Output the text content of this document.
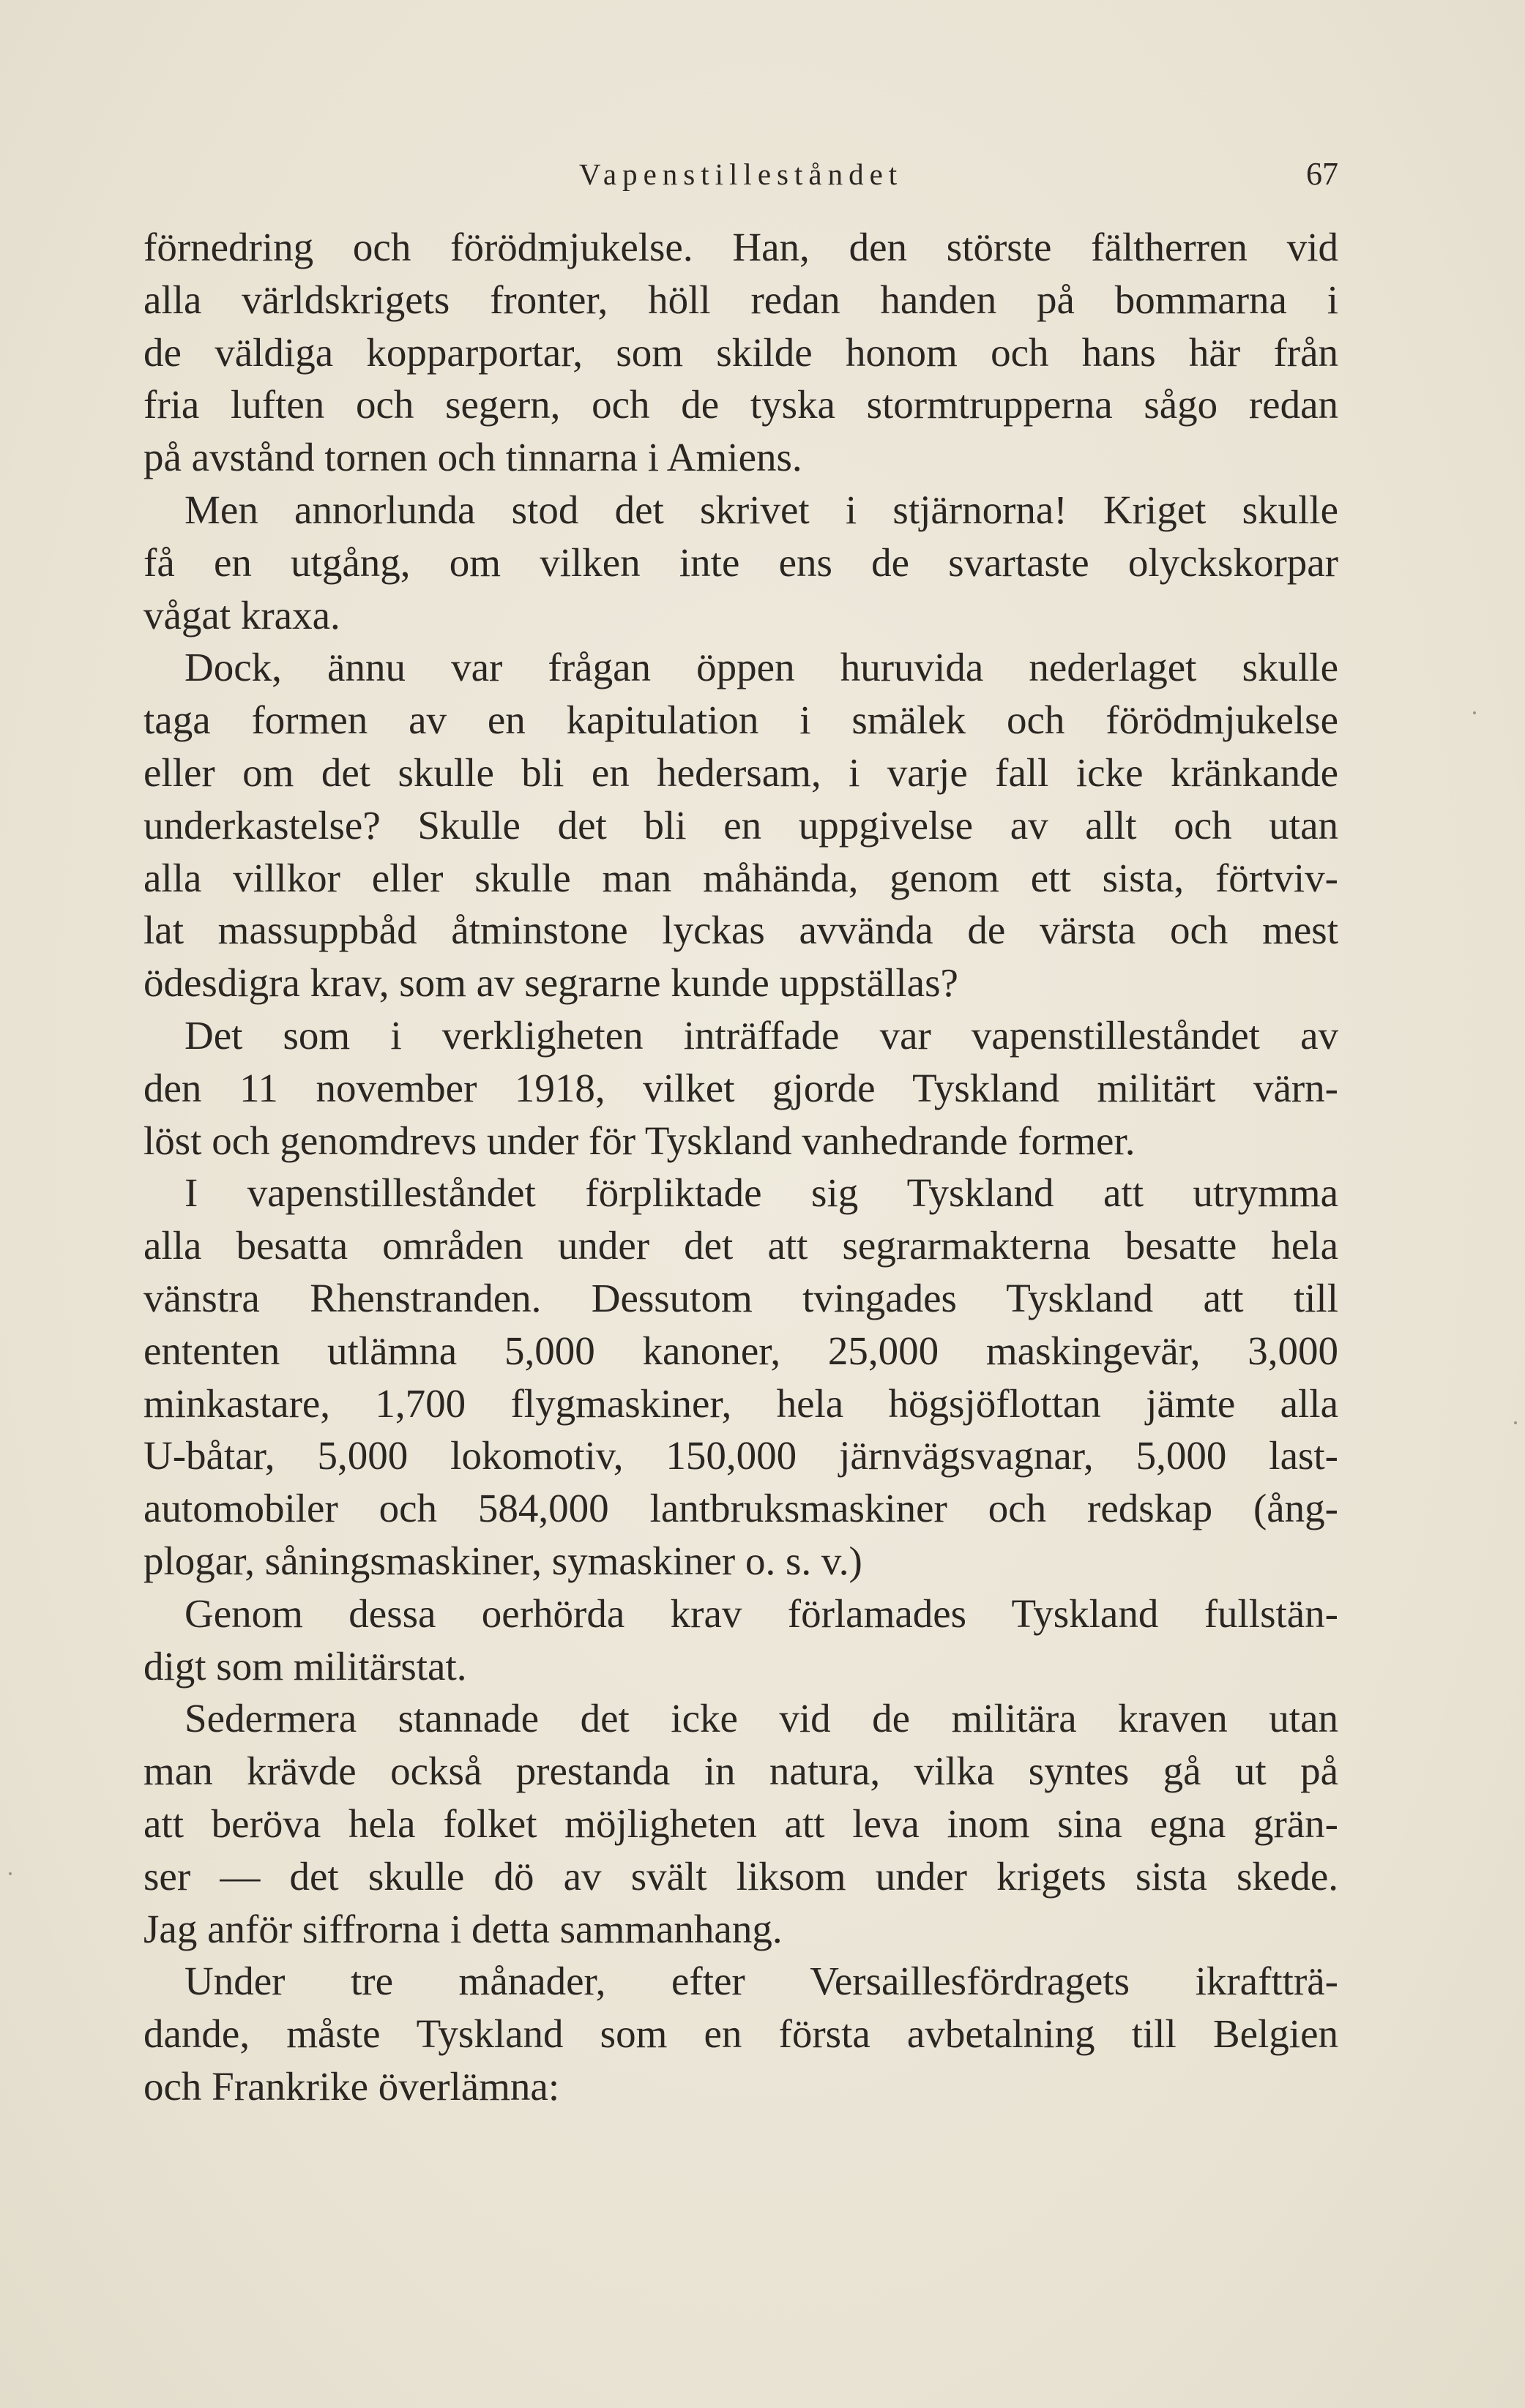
Vapenstilleståndet	67
förnedring och förödmjukelse. Han, den störste fältherren vid
alla världskrigets fronter, höll redan handen på bommarna i
de väldiga kopparportar, som skilde honom och hans här från
fria luften och segern, och de tyska stormtrupperna sågo redan
på avstånd tornen och tinnarna i Amiens.
Men annorlunda stod det skrivet i stjärnorna! Kriget skulle
få en utgång, om vilken inte ens de svartaste olyckskorpar
vågat kraxa.
Dock, ännu var frågan öppen huruvida nederlaget skulle
taga formen av en kapitulation i smälek och förödmjukelse
eller om det skulle bli en hedersam, i varje fall icke kränkande
underkastelse? Skulle det bli en uppgivelse av allt och utan
alla villkor eller skulle man måhända, genom ett sista, förtviv-
lat massuppbåd åtminstone lyckas avvända de värsta och mest
ödesdigra krav, som av segrarne kunde uppställas?
Det som i verkligheten inträffade var vapenstilleståndet av
den 11 november 1918, vilket gjorde Tyskland militärt värn-
löst och genomdrevs under för Tyskland vanhedrande former.
I vapenstilleståndet förpliktade sig Tyskland att utrymma
alla besatta områden under det att segrarmakterna besatte hela
vänstra Rhenstranden. Dessutom tvingades Tyskland att till
ententen utlämna 5,000 kanoner, 25,000 maskingevär, 3,000
minkastare, 1,700 flygmaskiner, hela högsjöflottan jämte alla
U-båtar, 5,000 lokomotiv, 150,000 järnvägsvagnar, 5,000 last-
automobiler och 584,000 lantbruksmaskiner och redskap (ång-
plogar, såningsmaskiner, symaskiner o. s. v.)
Genom dessa oerhörda krav förlamades Tyskland fullstän-
digt som militärstat.
Sedermera stannade det icke vid de militära kraven utan
man krävde också prestanda in natura, vilka syntes gå ut på
att beröva hela folket möjligheten att leva inom sina egna grän-
ser — det skulle dö av svält liksom under krigets sista skede.
Jag anför siffrorna i detta sammanhang.
Under tre månader, efter Versaillesfördragets ikraftträ-
dande, måste Tyskland som en första avbetalning till Belgien
och Frankrike överlämna:
